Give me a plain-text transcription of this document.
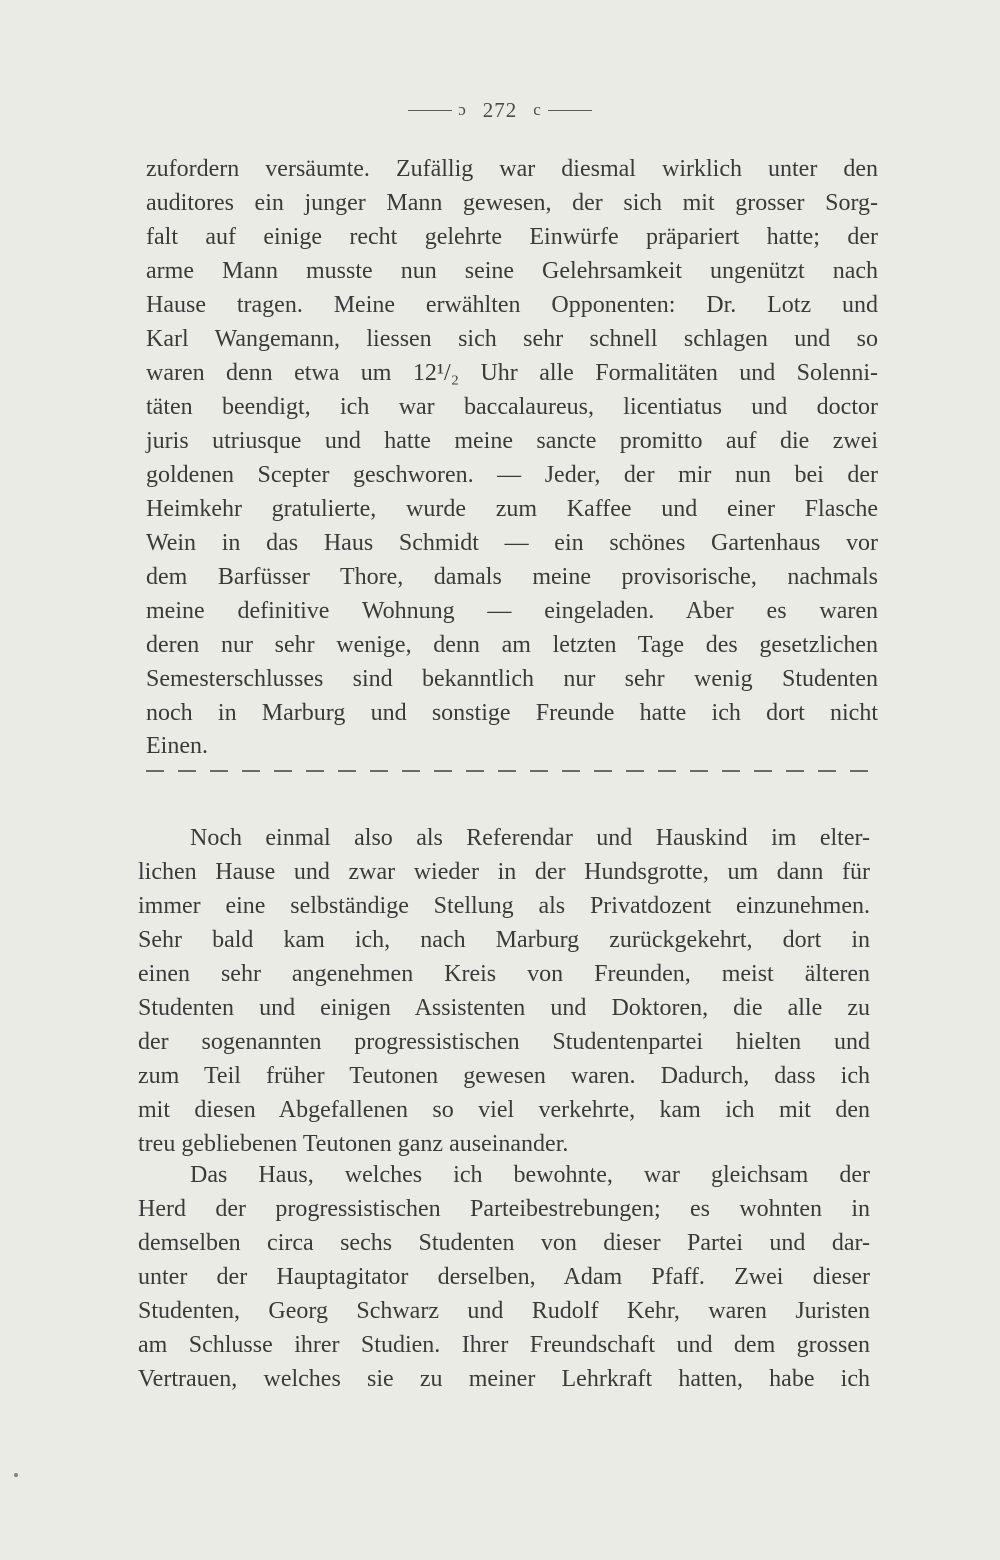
ɔ 272 c
zufordern versäumte. Zufällig war diesmal wirklich unter den
auditores ein junger Mann gewesen, der sich mit grosser Sorg-
falt auf einige recht gelehrte Einwürfe präpariert hatte; der
arme Mann musste nun seine Gelehrsamkeit ungenützt nach
Hause tragen. Meine erwählten Opponenten: Dr. Lotz und
Karl Wangemann, liessen sich sehr schnell schlagen und so
waren denn etwa um 12¹/₂ Uhr alle Formalitäten und Solenni-
täten beendigt, ich war baccalaureus, licentiatus und doctor
juris utriusque und hatte meine sancte promitto auf die zwei
goldenen Scepter geschworen. — Jeder, der mir nun bei der
Heimkehr gratulierte, wurde zum Kaffee und einer Flasche
Wein in das Haus Schmidt — ein schönes Gartenhaus vor
dem Barfüsser Thore, damals meine provisorische, nachmals
meine definitive Wohnung — eingeladen. Aber es waren
deren nur sehr wenige, denn am letzten Tage des gesetzlichen
Semesterschlusses sind bekanntlich nur sehr wenig Studenten
noch in Marburg und sonstige Freunde hatte ich dort nicht
Einen.
Noch einmal also als Referendar und Hauskind im elter-
lichen Hause und zwar wieder in der Hundsgrotte, um dann für
immer eine selbständige Stellung als Privatdozent einzunehmen.
Sehr bald kam ich, nach Marburg zurückgekehrt, dort in
einen sehr angenehmen Kreis von Freunden, meist älteren
Studenten und einigen Assistenten und Doktoren, die alle zu
der sogenannten progressistischen Studentenpartei hielten und
zum Teil früher Teutonen gewesen waren. Dadurch, dass ich
mit diesen Abgefallenen so viel verkehrte, kam ich mit den
treu gebliebenen Teutonen ganz auseinander.
Das Haus, welches ich bewohnte, war gleichsam der
Herd der progressistischen Parteibestrebungen; es wohnten in
demselben circa sechs Studenten von dieser Partei und dar-
unter der Hauptagitator derselben, Adam Pfaff. Zwei dieser
Studenten, Georg Schwarz und Rudolf Kehr, waren Juristen
am Schlusse ihrer Studien. Ihrer Freundschaft und dem grossen
Vertrauen, welches sie zu meiner Lehrkraft hatten, habe ich
